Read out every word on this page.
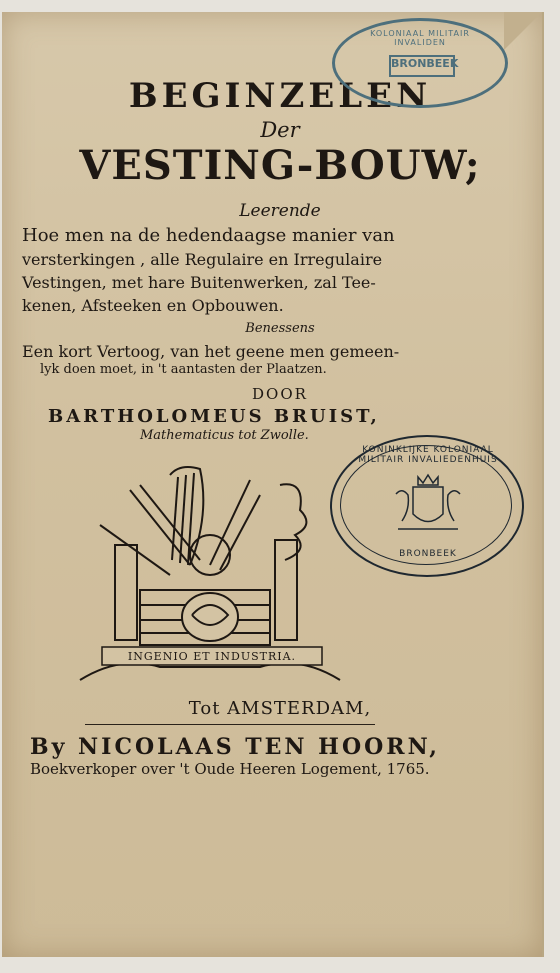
BEGINZELEN
Der
VESTING-BOUW;
Leerende
Hoe men na de hedendaagse manier van
versterkingen , alle Regulaire en Irregulaire
Vestingen, met hare Buitenwerken, zal Tee-
kenen, Afsteeken en Opbouwen.
Benessens
Een kort Vertoog, van het geene men gemeen-
lyk doen moet, in 't aantasten der Plaatzen.
DOOR
BARTHOLOMEUS BRUIST,
Mathematicus tot Zwolle.
KOLONIAAL MILITAIR INVALIDEN
BRONBEEK
INGENIO ET INDUSTRIA.
KONINKLIJKE KOLONIAAL MILITAIR INVALIEDENHUIS
BRONBEEK
Tot AMSTERDAM,
By NICOLAAS TEN HOORN,
Boekverkoper over 't Oude Heeren Logement, 1765.
